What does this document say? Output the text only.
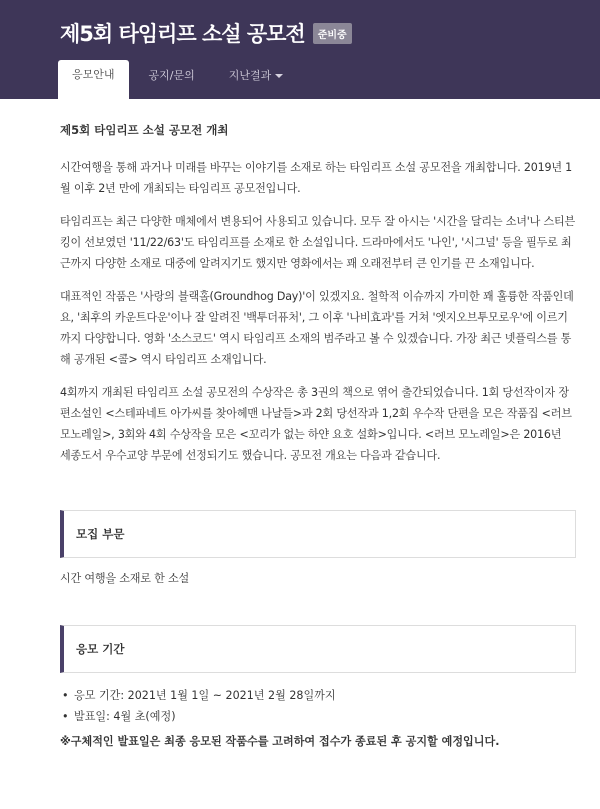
제5회 타임리프 소설 공모전	준비중
응모안내	공지/문의	지난결과
제5회 타임리프 소설 공모전 개최

시간여행을 통해 과거나 미래를 바꾸는 이야기를 소재로 하는 타임리프 소설 공모전을 개최합니다. 2019년 1월 이후 2년 만에 개최되는 타임리프 공모전입니다.

타임리프는 최근 다양한 매체에서 변용되어 사용되고 있습니다. 모두 잘 아시는 '시간을 달리는 소녀'나 스티븐 킹이 선보였던 '11/22/63'도 타임리프를 소재로 한 소설입니다. 드라마에서도 '나인', '시그널' 등을 필두로 최근까지 다양한 소재로 대중에 알려지기도 했지만 영화에서는 꽤 오래전부터 큰 인기를 끈 소재입니다.

대표적인 작품은 '사랑의 블랙홀(Groundhog Day)'이 있겠지요. 철학적 이슈까지 가미한 꽤 훌륭한 작품인데요, '최후의 카운트다운'이나 잘 알려진 '백투더퓨처', 그 이후 '나비효과'를 거쳐 '엣지오브투모로우'에 이르기까지 다양합니다. 영화 '소스코드' 역시 타임리프 소재의 범주라고 볼 수 있겠습니다. 가장 최근 넷플릭스를 통해 공개된 <콜> 역시 타임리프 소재입니다.

4회까지 개최된 타임리프 소설 공모전의 수상작은 총 3권의 책으로 엮어 출간되었습니다. 1회 당선작이자 장편소설인 <스테파네트 아가씨를 찾아헤맨 나날들>과 2회 당선작과 1,2회 우수작 단편을 모은 작품집 <러브 모노레일>, 3회와 4회 수상작을 모은 <꼬리가 없는 하얀 요호 설화>입니다. <러브 모노레일>은 2016년 세종도서 우수교양 부문에 선정되기도 했습니다. 공모전 개요는 다음과 같습니다.

모집 부문

시간 여행을 소재로 한 소설

응모 기간
• 응모 기간: 2021년 1월 1일 ~ 2021년 2월 28일까지
• 발표일: 4월 초(예정)
※구체적인 발표일은 최종 응모된 작품수를 고려하여 접수가 종료된 후 공지할 예정입니다.
